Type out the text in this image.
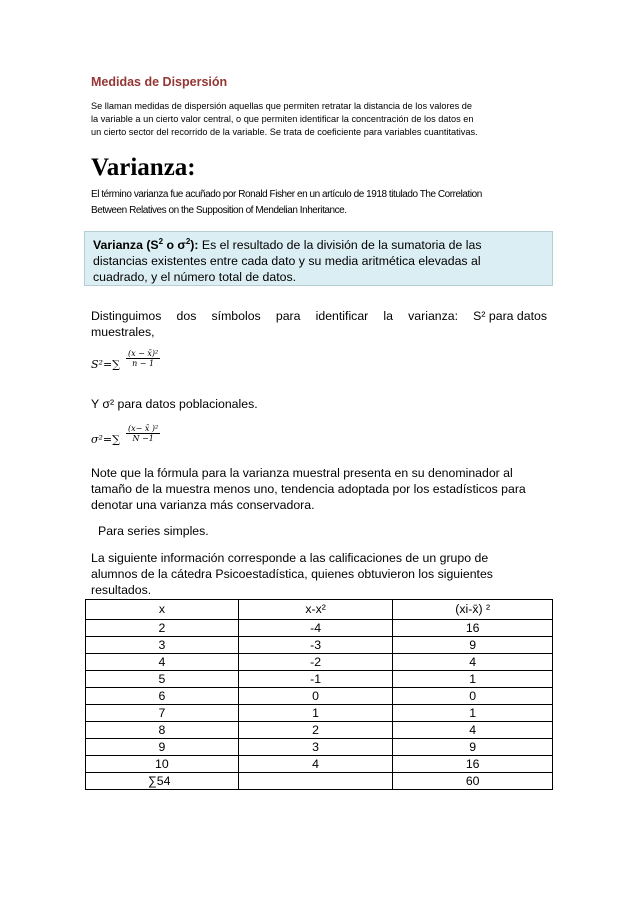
Medidas de Dispersión
Se llaman medidas de dispersión aquellas que permiten retratar la distancia de los valores de
la variable a un cierto valor central, o que permiten identificar la concentración de los datos en
un cierto sector del recorrido de la variable. Se trata de coeficiente para variables cuantitativas.
Varianza:
El término varianza fue acuñado por Ronald Fisher en un artículo de 1918 titulado The Correlation
Between Relatives on the Supposition of Mendelian Inheritance.
Varianza ($S^2$ o $\sigma^2$): Es el resultado de la división de la sumatoria de las
distancias existentes entre cada dato y su media aritmética elevadas al
cuadrado, y el número total de datos.
Distinguimos dos símbolos para identificar la varianza: S² para datos
muestrales,
$S^2=\sum \frac{\text{(x − x̄)²}}{n - 1}$
Y σ² para datos poblacionales.
$\sigma^2=\sum \frac{\text{(x− x̄ )²}}{N -1}$
Note que la fórmula para la varianza muestral presenta en su denominador al
tamaño de la muestra menos uno, tendencia adoptada por los estadísticos para
denotar una varianza más conservadora.
Para series simples.
La siguiente información corresponde a las calificaciones de un grupo de
alumnos de la cátedra Psicoestadística, quienes obtuvieron los siguientes
resultados.
x	x-x²	(xi-x̄) ²
2	-4	16
3	-3	9
4	-2	4
5	-1	1
6	0	0
7	1	1
8	2	4
9	3	9
10	4	16
∑54		60
